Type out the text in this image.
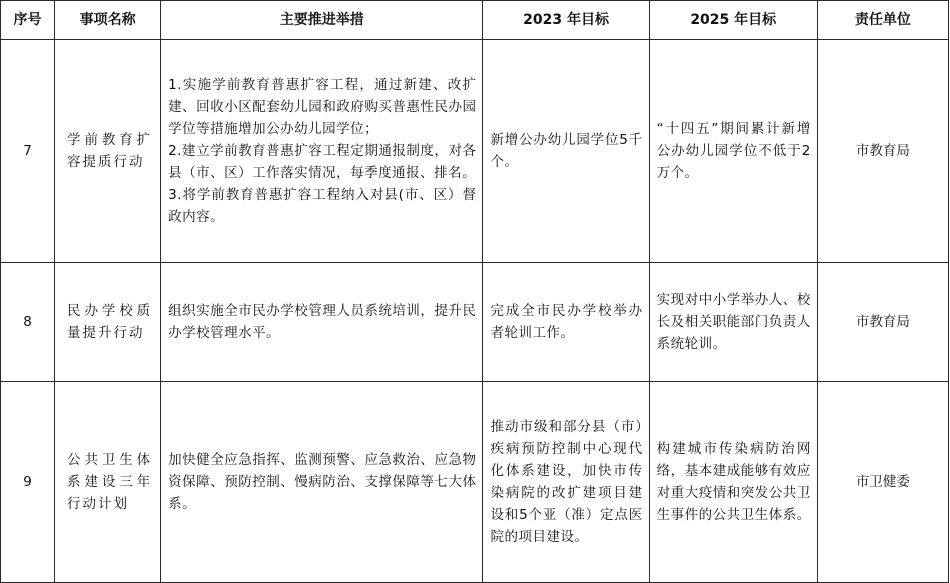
序号	事项名称	主要推进举措	2023 年目标	2025 年目标	责任单位
7	学前教育扩容提质行动	1.实施学前教育普惠扩容工程，通过新建、改扩建、回收小区配套幼儿园和政府购买普惠性民办园学位等措施增加公办幼儿园学位；
2.建立学前教育普惠扩容工程定期通报制度，对各县（市、区）工作落实情况，每季度通报、排名。
3.将学前教育普惠扩容工程纳入对县(市、区）督政内容。	新增公办幼儿园学位5千个。	“十四五”期间累计新增公办幼儿园学位不低于2万个。	市教育局
8	民办学校质量提升行动	组织实施全市民办学校管理人员系统培训，提升民办学校管理水平。	完成全市民办学校举办者轮训工作。	实现对中小学举办人、校长及相关职能部门负责人系统轮训。	市教育局
9	公共卫生体系建设三年行动计划	加快健全应急指挥、监测预警、应急救治、应急物资保障、预防控制、慢病防治、支撑保障等七大体系。	推动市级和部分县（市）疾病预防控制中心现代化体系建设，加快市传染病院的改扩建项目建设和5个亚（准）定点医院的项目建设。	构建城市传染病防治网络，基本建成能够有效应对重大疫情和突发公共卫生事件的公共卫生体系。	市卫健委
